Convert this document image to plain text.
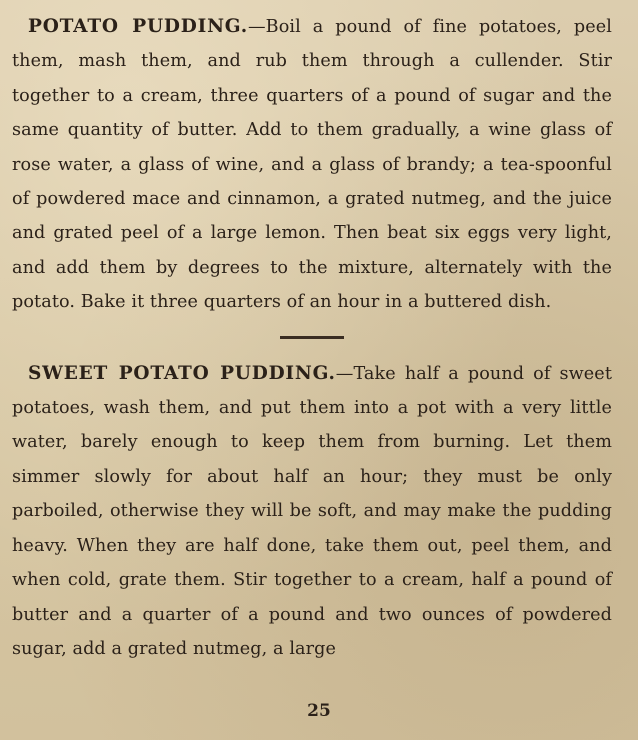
POTATO PUDDING.—Boil a pound of fine potatoes, peel them, mash them, and rub them through a cullender. Stir together to a cream, three quarters of a pound of sugar and the same quantity of butter. Add to them gradually, a wine glass of rose water, a glass of wine, and a glass of brandy; a tea-spoonful of powdered mace and cinnamon, a grated nutmeg, and the juice and grated peel of a large lemon. Then beat six eggs very light, and add them by degrees to the mixture, alternately with the potato. Bake it three quarters of an hour in a buttered dish.

SWEET POTATO PUDDING.—Take half a pound of sweet potatoes, wash them, and put them into a pot with a very little water, barely enough to keep them from burning. Let them simmer slowly for about half an hour; they must be only parboiled, otherwise they will be soft, and may make the pudding heavy. When they are half done, take them out, peel them, and when cold, grate them. Stir together to a cream, half a pound of butter and a quarter of a pound and two ounces of powdered sugar, add a grated nutmeg, a large

25
